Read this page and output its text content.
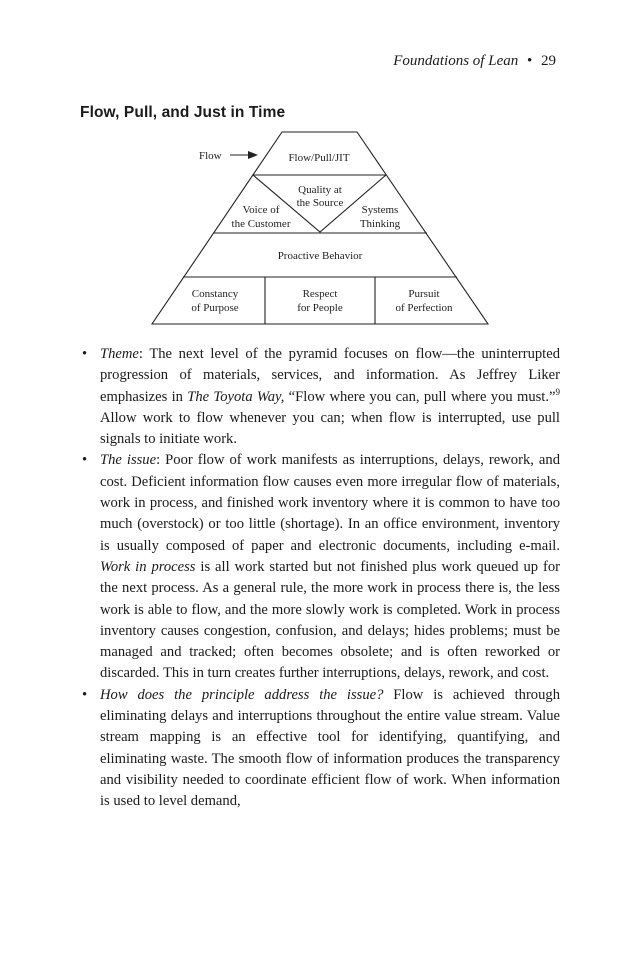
Foundations of Lean • 29
Flow, Pull, and Just in Time
Flow	Flow/Pull/JIT
Quality at
the Source
Voice of
the Customer
Systems
Thinking
Proactive Behavior
Constancy
of Purpose
Respect
for People
Pursuit
of Perfection
• Theme: The next level of the pyramid focuses on flow—the uninterrupted progression of materials, services, and information. As Jeffrey Liker emphasizes in The Toyota Way, “Flow where you can, pull where you must.”$^9$ Allow work to flow whenever you can; when flow is interrupted, use pull signals to initiate work.
• The issue: Poor flow of work manifests as interruptions, delays, rework, and cost. Deficient information flow causes even more irregular flow of materials, work in process, and finished work inventory where it is common to have too much (overstock) or too little (shortage). In an office environment, inventory is usually composed of paper and electronic documents, including e-mail. Work in process is all work started but not finished plus work queued up for the next process. As a general rule, the more work in process there is, the less work is able to flow, and the more slowly work is completed. Work in process inventory causes congestion, confusion, and delays; hides problems; must be managed and tracked; often becomes obsolete; and is often reworked or discarded. This in turn creates further interruptions, delays, rework, and cost.
• How does the principle address the issue? Flow is achieved through eliminating delays and interruptions throughout the entire value stream. Value stream mapping is an effective tool for identifying, quantifying, and eliminating waste. The smooth flow of information produces the transparency and visibility needed to coordinate efficient flow of work. When information is used to level demand,
